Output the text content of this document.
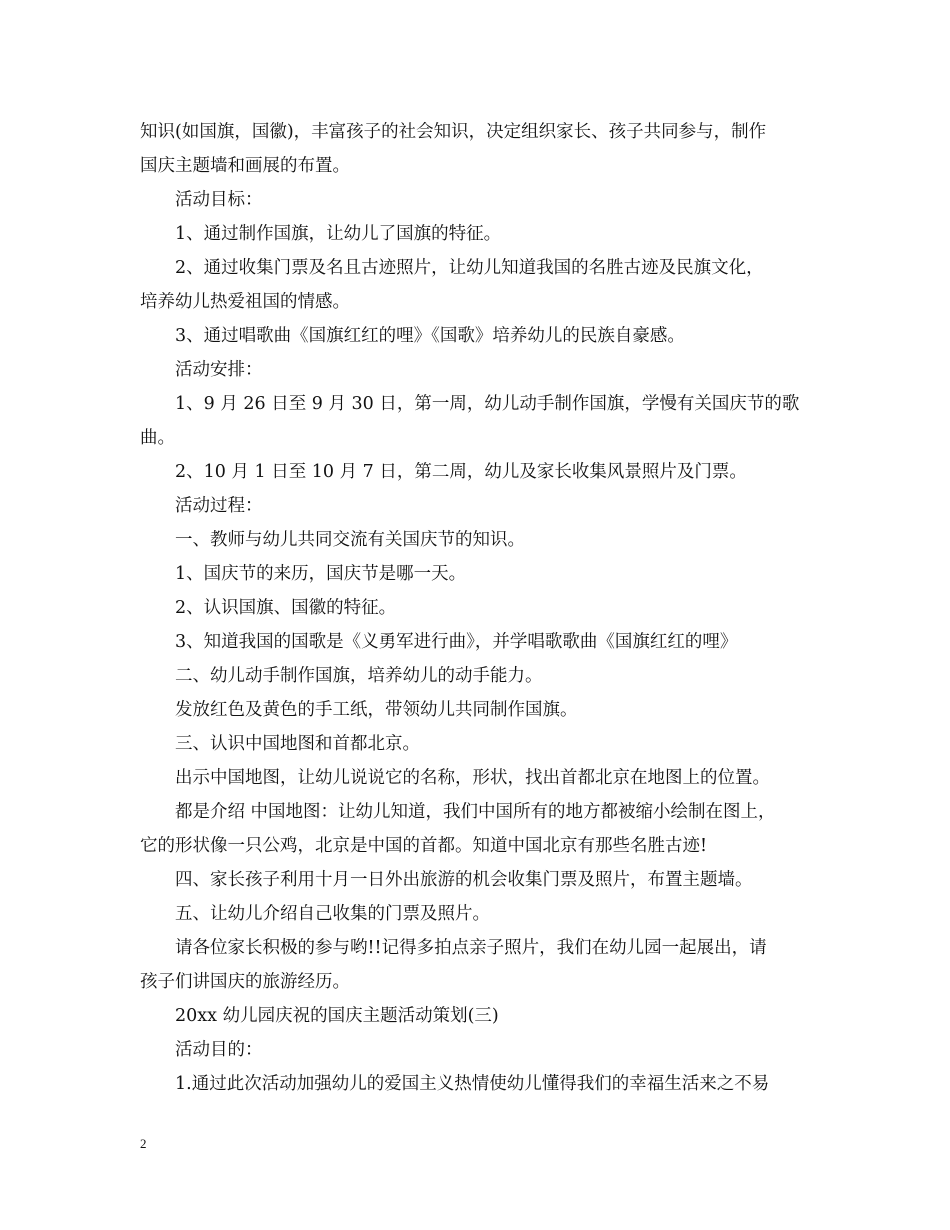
知识(如国旗，国徽)，丰富孩子的社会知识，决定组织家长、孩子共同参与，制作

国庆主题墙和画展的布置。

活动目标：

1、通过制作国旗，让幼儿了国旗的特征。

2、通过收集门票及名且古迹照片，让幼儿知道我国的名胜古迹及民旗文化，

培养幼儿热爱祖国的情感。

3、通过唱歌曲《国旗红红的哩》《国歌》培养幼儿的民族自豪感。

活动安排：

1、9 月 26 日至 9 月 30 日，第一周，幼儿动手制作国旗，学慢有关国庆节的歌

曲。

2、10 月 1 日至 10 月 7 日，第二周，幼儿及家长收集风景照片及门票。

活动过程：

一、教师与幼儿共同交流有关国庆节的知识。

1、国庆节的来历，国庆节是哪一天。

2、认识国旗、国徽的特征。

3、知道我国的国歌是《义勇军进行曲》，并学唱歌歌曲《国旗红红的哩》

二、幼儿动手制作国旗，培养幼儿的动手能力。

发放红色及黄色的手工纸，带领幼儿共同制作国旗。

三、认识中国地图和首都北京。

出示中国地图，让幼儿说说它的名称，形状，找出首都北京在地图上的位置。

都是介绍 中国地图：让幼儿知道，我们中国所有的地方都被缩小绘制在图上，

它的形状像一只公鸡，北京是中国的首都。知道中国北京有那些名胜古迹!

四、家长孩子利用十月一日外出旅游的机会收集门票及照片，布置主题墙。

五、让幼儿介绍自己收集的门票及照片。

请各位家长积极的参与哟!!记得多拍点亲子照片，我们在幼儿园一起展出，请

孩子们讲国庆的旅游经历。

20xx 幼儿园庆祝的国庆主题活动策划(三)

活动目的：

1.通过此次活动加强幼儿的爱国主义热情使幼儿懂得我们的幸福生活来之不易

2
